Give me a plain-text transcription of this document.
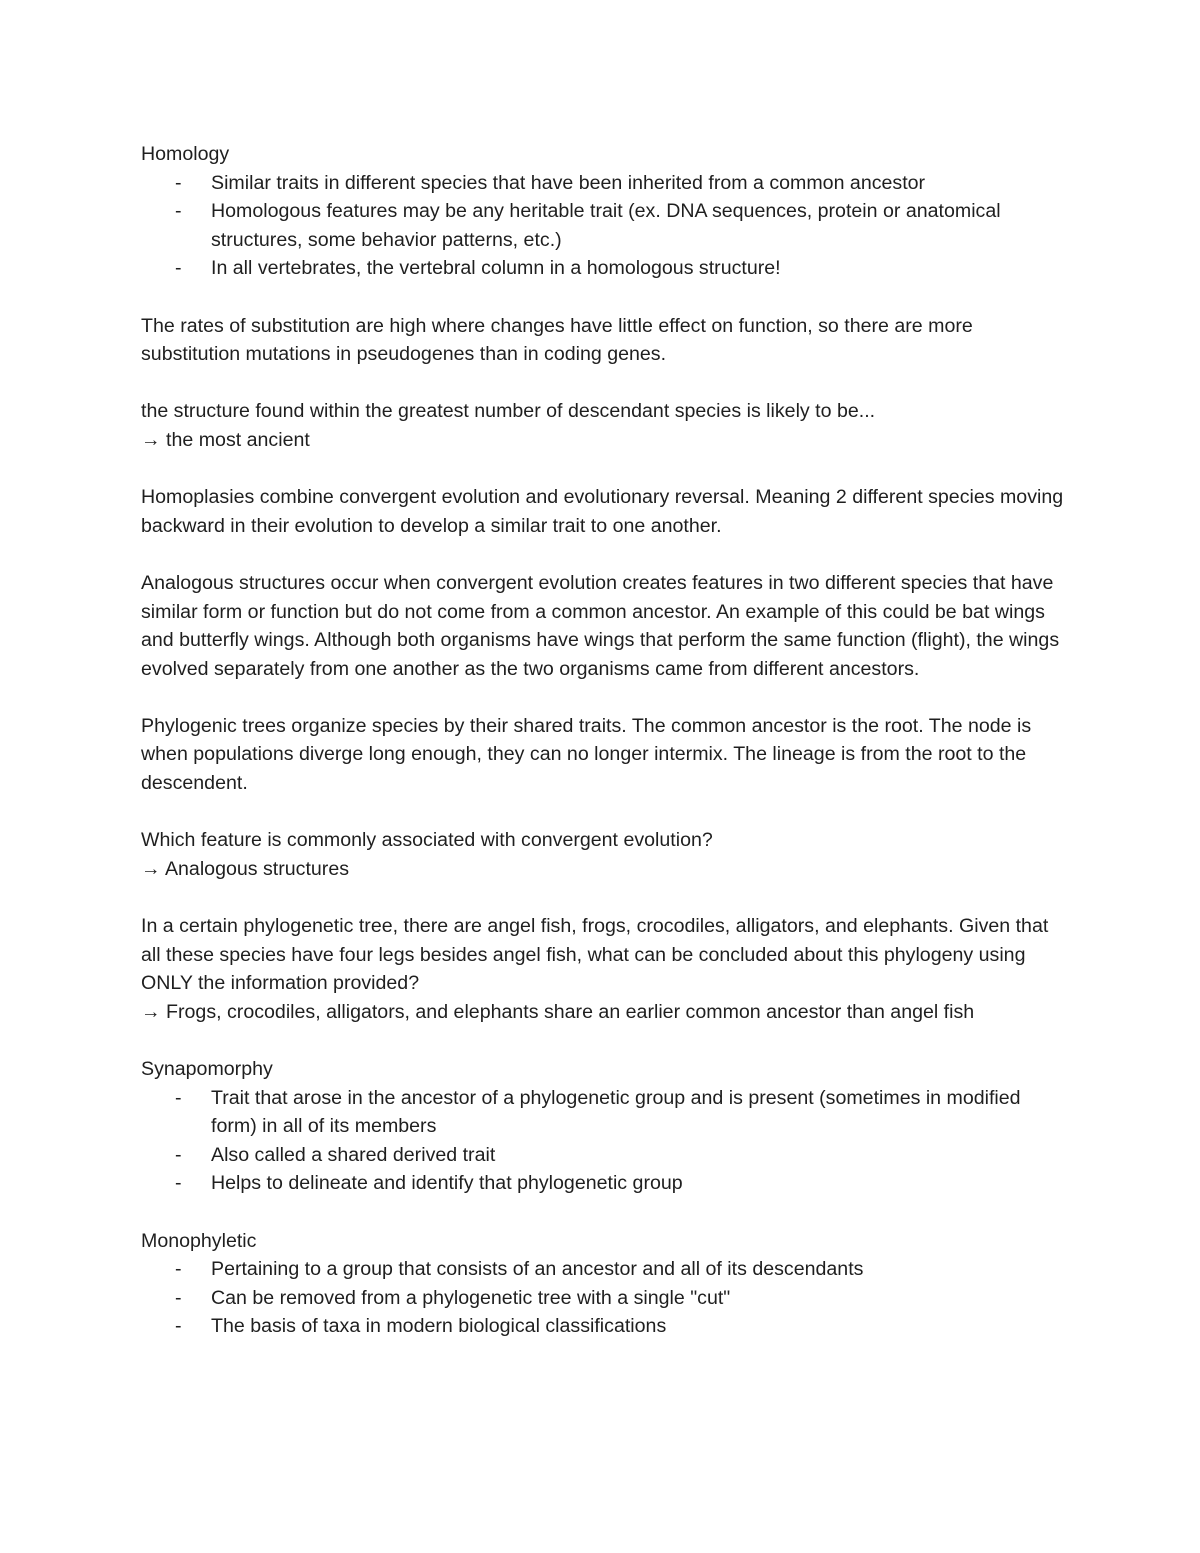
Homology

- Similar traits in different species that have been inherited from a common ancestor
- Homologous features may be any heritable trait (ex. DNA sequences, protein or anatomical structures, some behavior patterns, etc.)
- In all vertebrates, the vertebral column in a homologous structure!

The rates of substitution are high where changes have little effect on function, so there are more substitution mutations in pseudogenes than in coding genes.

the structure found within the greatest number of descendant species is likely to be...

→ the most ancient

Homoplasies combine convergent evolution and evolutionary reversal. Meaning 2 different species moving backward in their evolution to develop a similar trait to one another.

Analogous structures occur when convergent evolution creates features in two different species that have similar form or function but do not come from a common ancestor. An example of this could be bat wings and butterfly wings. Although both organisms have wings that perform the same function (flight), the wings evolved separately from one another as the two organisms came from different ancestors.

Phylogenic trees organize species by their shared traits. The common ancestor is the root. The node is when populations diverge long enough, they can no longer intermix. The lineage is from the root to the descendent.

Which feature is commonly associated with convergent evolution?

→ Analogous structures

In a certain phylogenetic tree, there are angel fish, frogs, crocodiles, alligators, and elephants. Given that all these species have four legs besides angel fish, what can be concluded about this phylogeny using ONLY the information provided?

→ Frogs, crocodiles, alligators, and elephants share an earlier common ancestor than angel fish

Synapomorphy

- Trait that arose in the ancestor of a phylogenetic group and is present (sometimes in modified form) in all of its members
- Also called a shared derived trait
- Helps to delineate and identify that phylogenetic group

Monophyletic

- Pertaining to a group that consists of an ancestor and all of its descendants
- Can be removed from a phylogenetic tree with a single "cut"
- The basis of taxa in modern biological classifications
